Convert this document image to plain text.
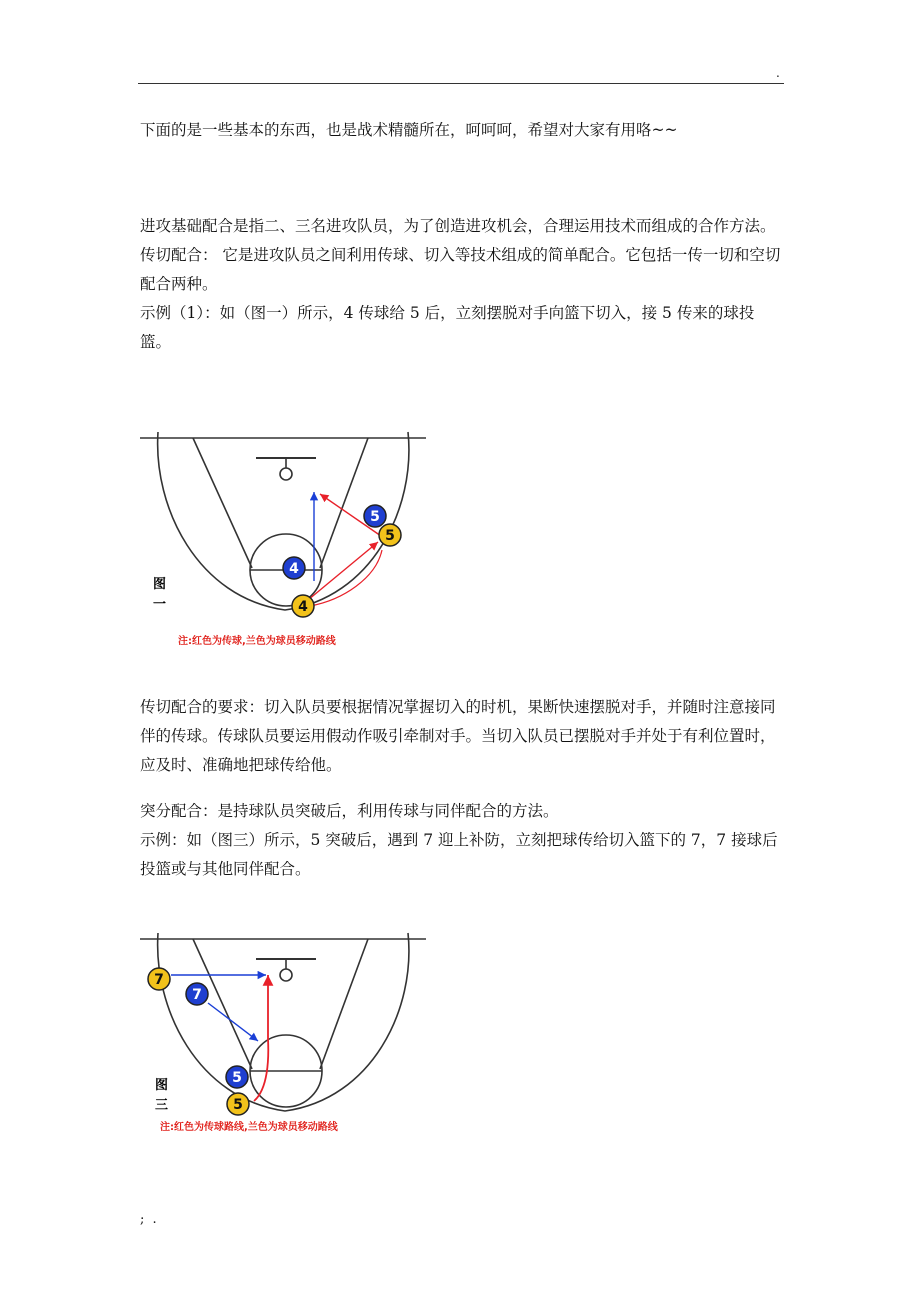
.

下面的是一些基本的东西，也是战术精髓所在，呵呵呵，希望对大家有用咯~~

进攻基础配合是指二、三名进攻队员，为了创造进攻机会，合理运用技术而组成的合作方法。

传切配合： 它是进攻队员之间利用传球、切入等技术组成的简单配合。它包括一传一切和空切配合两种。

示例（1）：如（图一）所示，4 传球给 5 后，立刻摆脱对手向篮下切入，接 5 传来的球投篮。

5
5
4
4
图
一
注:红色为传球,兰色为球员移动路线

传切配合的要求：切入队员要根据情况掌握切入的时机，果断快速摆脱对手，并随时注意接同伴的传球。传球队员要运用假动作吸引牵制对手。当切入队员已摆脱对手并处于有利位置时，应及时、准确地把球传给他。

突分配合：是持球队员突破后，利用传球与同伴配合的方法。

示例：如（图三）所示，5 突破后，遇到 7 迎上补防，立刻把球传给切入篮下的 7，7 接球后投篮或与其他同伴配合。

7
7
5
5
图
三
注:红色为传球路线,兰色为球员移动路线
; .
